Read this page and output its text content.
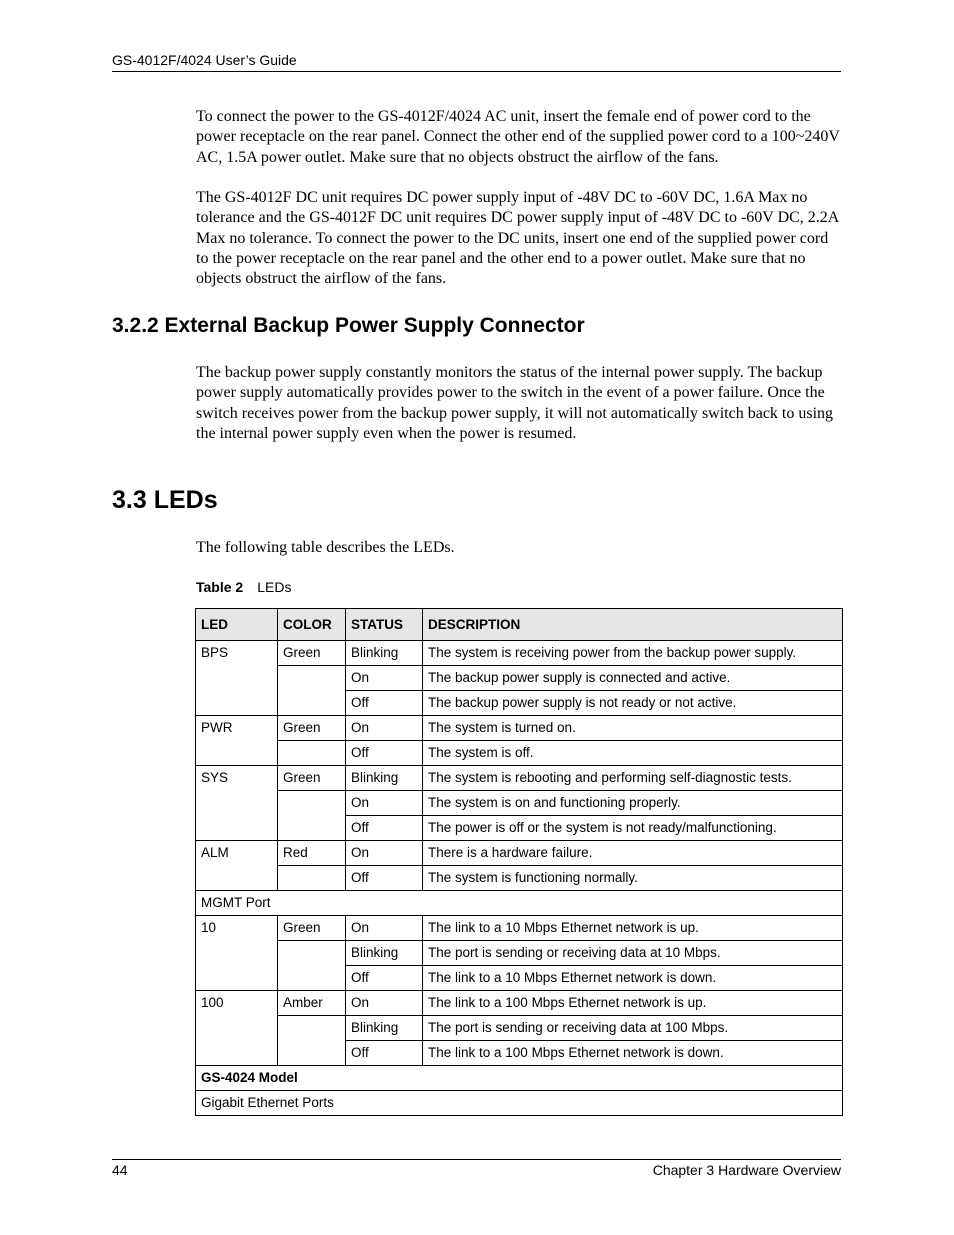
GS-4012F/4024 User’s Guide

To connect the power to the GS-4012F/4024 AC unit, insert the female end of power cord to the power receptacle on the rear panel. Connect the other end of the supplied power cord to a 100~240V AC, 1.5A power outlet. Make sure that no objects obstruct the airflow of the fans.

The GS-4012F DC unit requires DC power supply input of -48V DC to -60V DC, 1.6A Max no tolerance and the GS-4012F DC unit requires DC power supply input of -48V DC to -60V DC, 2.2A Max no tolerance. To connect the power to the DC units, insert one end of the supplied power cord to the power receptacle on the rear panel and the other end to a power outlet. Make sure that no objects obstruct the airflow of the fans.

3.2.2 External Backup Power Supply Connector

The backup power supply constantly monitors the status of the internal power supply. The backup power supply automatically provides power to the switch in the event of a power failure. Once the switch receives power from the backup power supply, it will not automatically switch back to using the internal power supply even when the power is resumed.

3.3 LEDs

The following table describes the LEDs.

Table 2 LEDs
LED	COLOR	STATUS	DESCRIPTION
BPS	Green	Blinking	The system is receiving power from the backup power supply.
		On	The backup power supply is connected and active.
		Off	The backup power supply is not ready or not active.
PWR	Green	On	The system is turned on.
		Off	The system is off.
SYS	Green	Blinking	The system is rebooting and performing self-diagnostic tests.
		On	The system is on and functioning properly.
		Off	The power is off or the system is not ready/malfunctioning.
ALM	Red	On	There is a hardware failure.
		Off	The system is functioning normally.
MGMT Port			
10	Green	On	The link to a 10 Mbps Ethernet network is up.
		Blinking	The port is sending or receiving data at 10 Mbps.
		Off	The link to a 10 Mbps Ethernet network is down.
100	Amber	On	The link to a 100 Mbps Ethernet network is up.
		Blinking	The port is sending or receiving data at 100 Mbps.
		Off	The link to a 100 Mbps Ethernet network is down.
GS-4024 Model			
Gigabit Ethernet Ports			
44	Chapter 3 Hardware Overview
